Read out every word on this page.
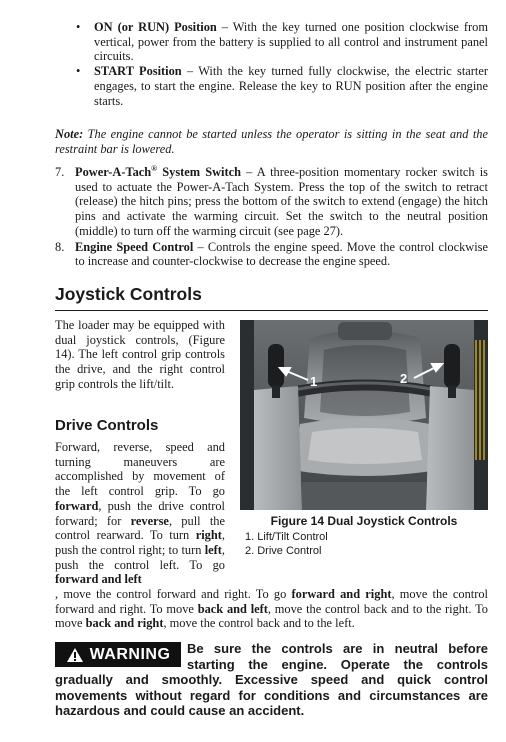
• ON (or RUN) Position – With the key turned one position clockwise from vertical, power from the battery is supplied to all control and instrument panel circuits.
• START Position – With the key turned fully clockwise, the electric starter engages, to start the engine. Release the key to RUN position after the engine starts.
Note: The engine cannot be started unless the operator is sitting in the seat and the restraint bar is lowered.
7. Power-A-Tach® System Switch – A three-position momentary rocker switch is used to actuate the Power-A-Tach System. Press the top of the switch to retract (release) the hitch pins; press the bottom of the switch to extend (engage) the hitch pins and activate the warming circuit. Set the switch to the neutral position (middle) to turn off the warming circuit (see page 27).
8. Engine Speed Control – Controls the engine speed. Move the control clockwise to increase and counter-clockwise to decrease the engine speed.
Joystick Controls
The loader may be equipped with dual joystick controls, (Figure 14). The left control grip controls the drive, and the right control grip controls the lift/tilt.
Drive Controls
Forward, reverse, speed and turning maneuvers are accomplished by movement of the left control grip. To go forward, push the drive control forward; for reverse, pull the control rearward. To turn right, push the control right; to turn left, push the control left. To go forward and left
1	2
Figure 14 Dual Joystick Controls
1. Lift/Tilt Control
2. Drive Control
, move the control forward and right. To go forward and right, move the control forward and right. To move back and left, move the control back and to the right. To move back and right, move the control back and to the left.
WARNING Be sure the controls are in neutral before starting the engine. Operate the controls gradually and smoothly. Excessive speed and quick control movements without regard for conditions and circumstances are hazardous and could cause an accident.
